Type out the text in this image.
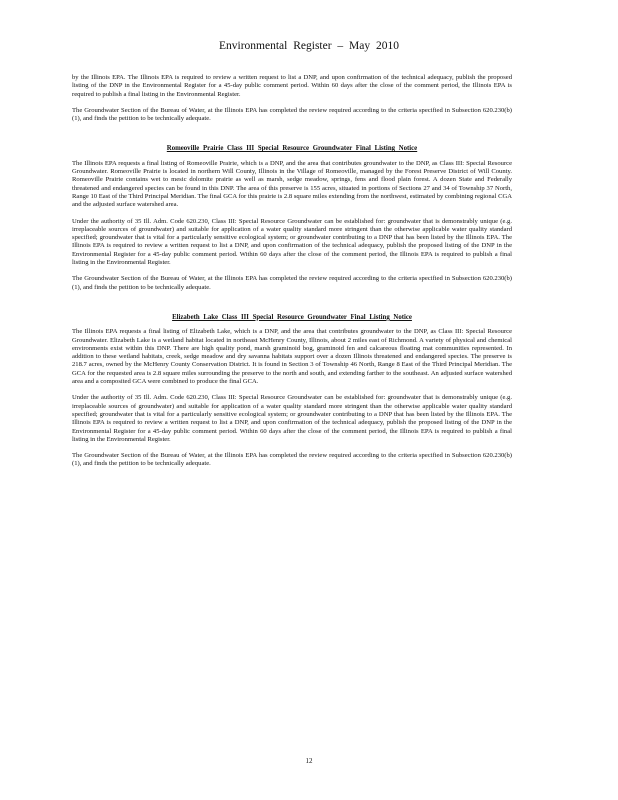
Environmental Register – May 2010

by the Illinois EPA. The Illinois EPA is required to review a written request to list a DNP, and upon confirmation of the technical adequacy, publish the proposed listing of the DNP in the Environmental Register for a 45-day public comment period. Within 60 days after the close of the comment period, the Illinois EPA is required to publish a final listing in the Environmental Register.

The Groundwater Section of the Bureau of Water, at the Illinois EPA has completed the review required according to the criteria specified in Subsection 620.230(b)(1), and finds the petition to be technically adequate.

Romeoville Prairie Class III Special Resource Groundwater Final Listing Notice

The Illinois EPA requests a final listing of Romeoville Prairie, which is a DNP, and the area that contributes groundwater to the DNP, as Class III: Special Resource Groundwater. Romeoville Prairie is located in northern Will County, Illinois in the Village of Romeoville, managed by the Forest Preserve District of Will County. Romeoville Prairie contains wet to mesic dolomite prairie as well as marsh, sedge meadow, springs, fens and flood plain forest. A dozen State and Federally threatened and endangered species can be found in this DNP. The area of this preserve is 155 acres, situated in portions of Sections 27 and 34 of Township 37 North, Range 10 East of the Third Principal Meridian. The final GCA for this prairie is 2.8 square miles extending from the northwest, estimated by combining regional CGA and the adjusted surface watershed area.

Under the authority of 35 Ill. Adm. Code 620.230, Class III: Special Resource Groundwater can be established for: groundwater that is demonstrably unique (e.g. irreplaceable sources of groundwater) and suitable for application of a water quality standard more stringent than the otherwise applicable water quality standard specified; groundwater that is vital for a particularly sensitive ecological system; or groundwater contributing to a DNP that has been listed by the Illinois EPA. The Illinois EPA is required to review a written request to list a DNP, and upon confirmation of the technical adequacy, publish the proposed listing of the DNP in the Environmental Register for a 45-day public comment period. Within 60 days after the close of the comment period, the Illinois EPA is required to publish a final listing in the Environmental Register.

The Groundwater Section of the Bureau of Water, at the Illinois EPA has completed the review required according to the criteria specified in Subsection 620.230(b)(1), and finds the petition to be technically adequate.

Elizabeth Lake Class III Special Resource Groundwater Final Listing Notice

The Illinois EPA requests a final listing of Elizabeth Lake, which is a DNP, and the area that contributes groundwater to the DNP, as Class III: Special Resource Groundwater. Elizabeth Lake is a wetland habitat located in northeast McHenry County, Illinois, about 2 miles east of Richmond. A variety of physical and chemical environments exist within this DNP. There are high quality pond, marsh graminoid bog, graminoid fen and calcareous floating mat communities represented. In addition to these wetland habitats, creek, sedge meadow and dry savanna habitats support over a dozen Illinois threatened and endangered species. The preserve is 218.7 acres, owned by the McHenry County Conservation District. It is found in Section 3 of Township 46 North, Range 8 East of the Third Principal Meridian. The GCA for the requested area is 2.8 square miles surrounding the preserve to the north and south, and extending farther to the southeast. An adjusted surface watershed area and a composited GCA were combined to produce the final GCA.

Under the authority of 35 Ill. Adm. Code 620.230, Class III: Special Resource Groundwater can be established for: groundwater that is demonstrably unique (e.g. irreplaceable sources of groundwater) and suitable for application of a water quality standard more stringent than the otherwise applicable water quality standard specified; groundwater that is vital for a particularly sensitive ecological system; or groundwater contributing to a DNP that has been listed by the Illinois EPA. The Illinois EPA is required to review a written request to list a DNP, and upon confirmation of the technical adequacy, publish the proposed listing of the DNP in the Environmental Register for a 45-day public comment period. Within 60 days after the close of the comment period, the Illinois EPA is required to publish a final listing in the Environmental Register.

The Groundwater Section of the Bureau of Water, at the Illinois EPA has completed the review required according to the criteria specified in Subsection 620.230(b)(1), and finds the petition to be technically adequate.

12
